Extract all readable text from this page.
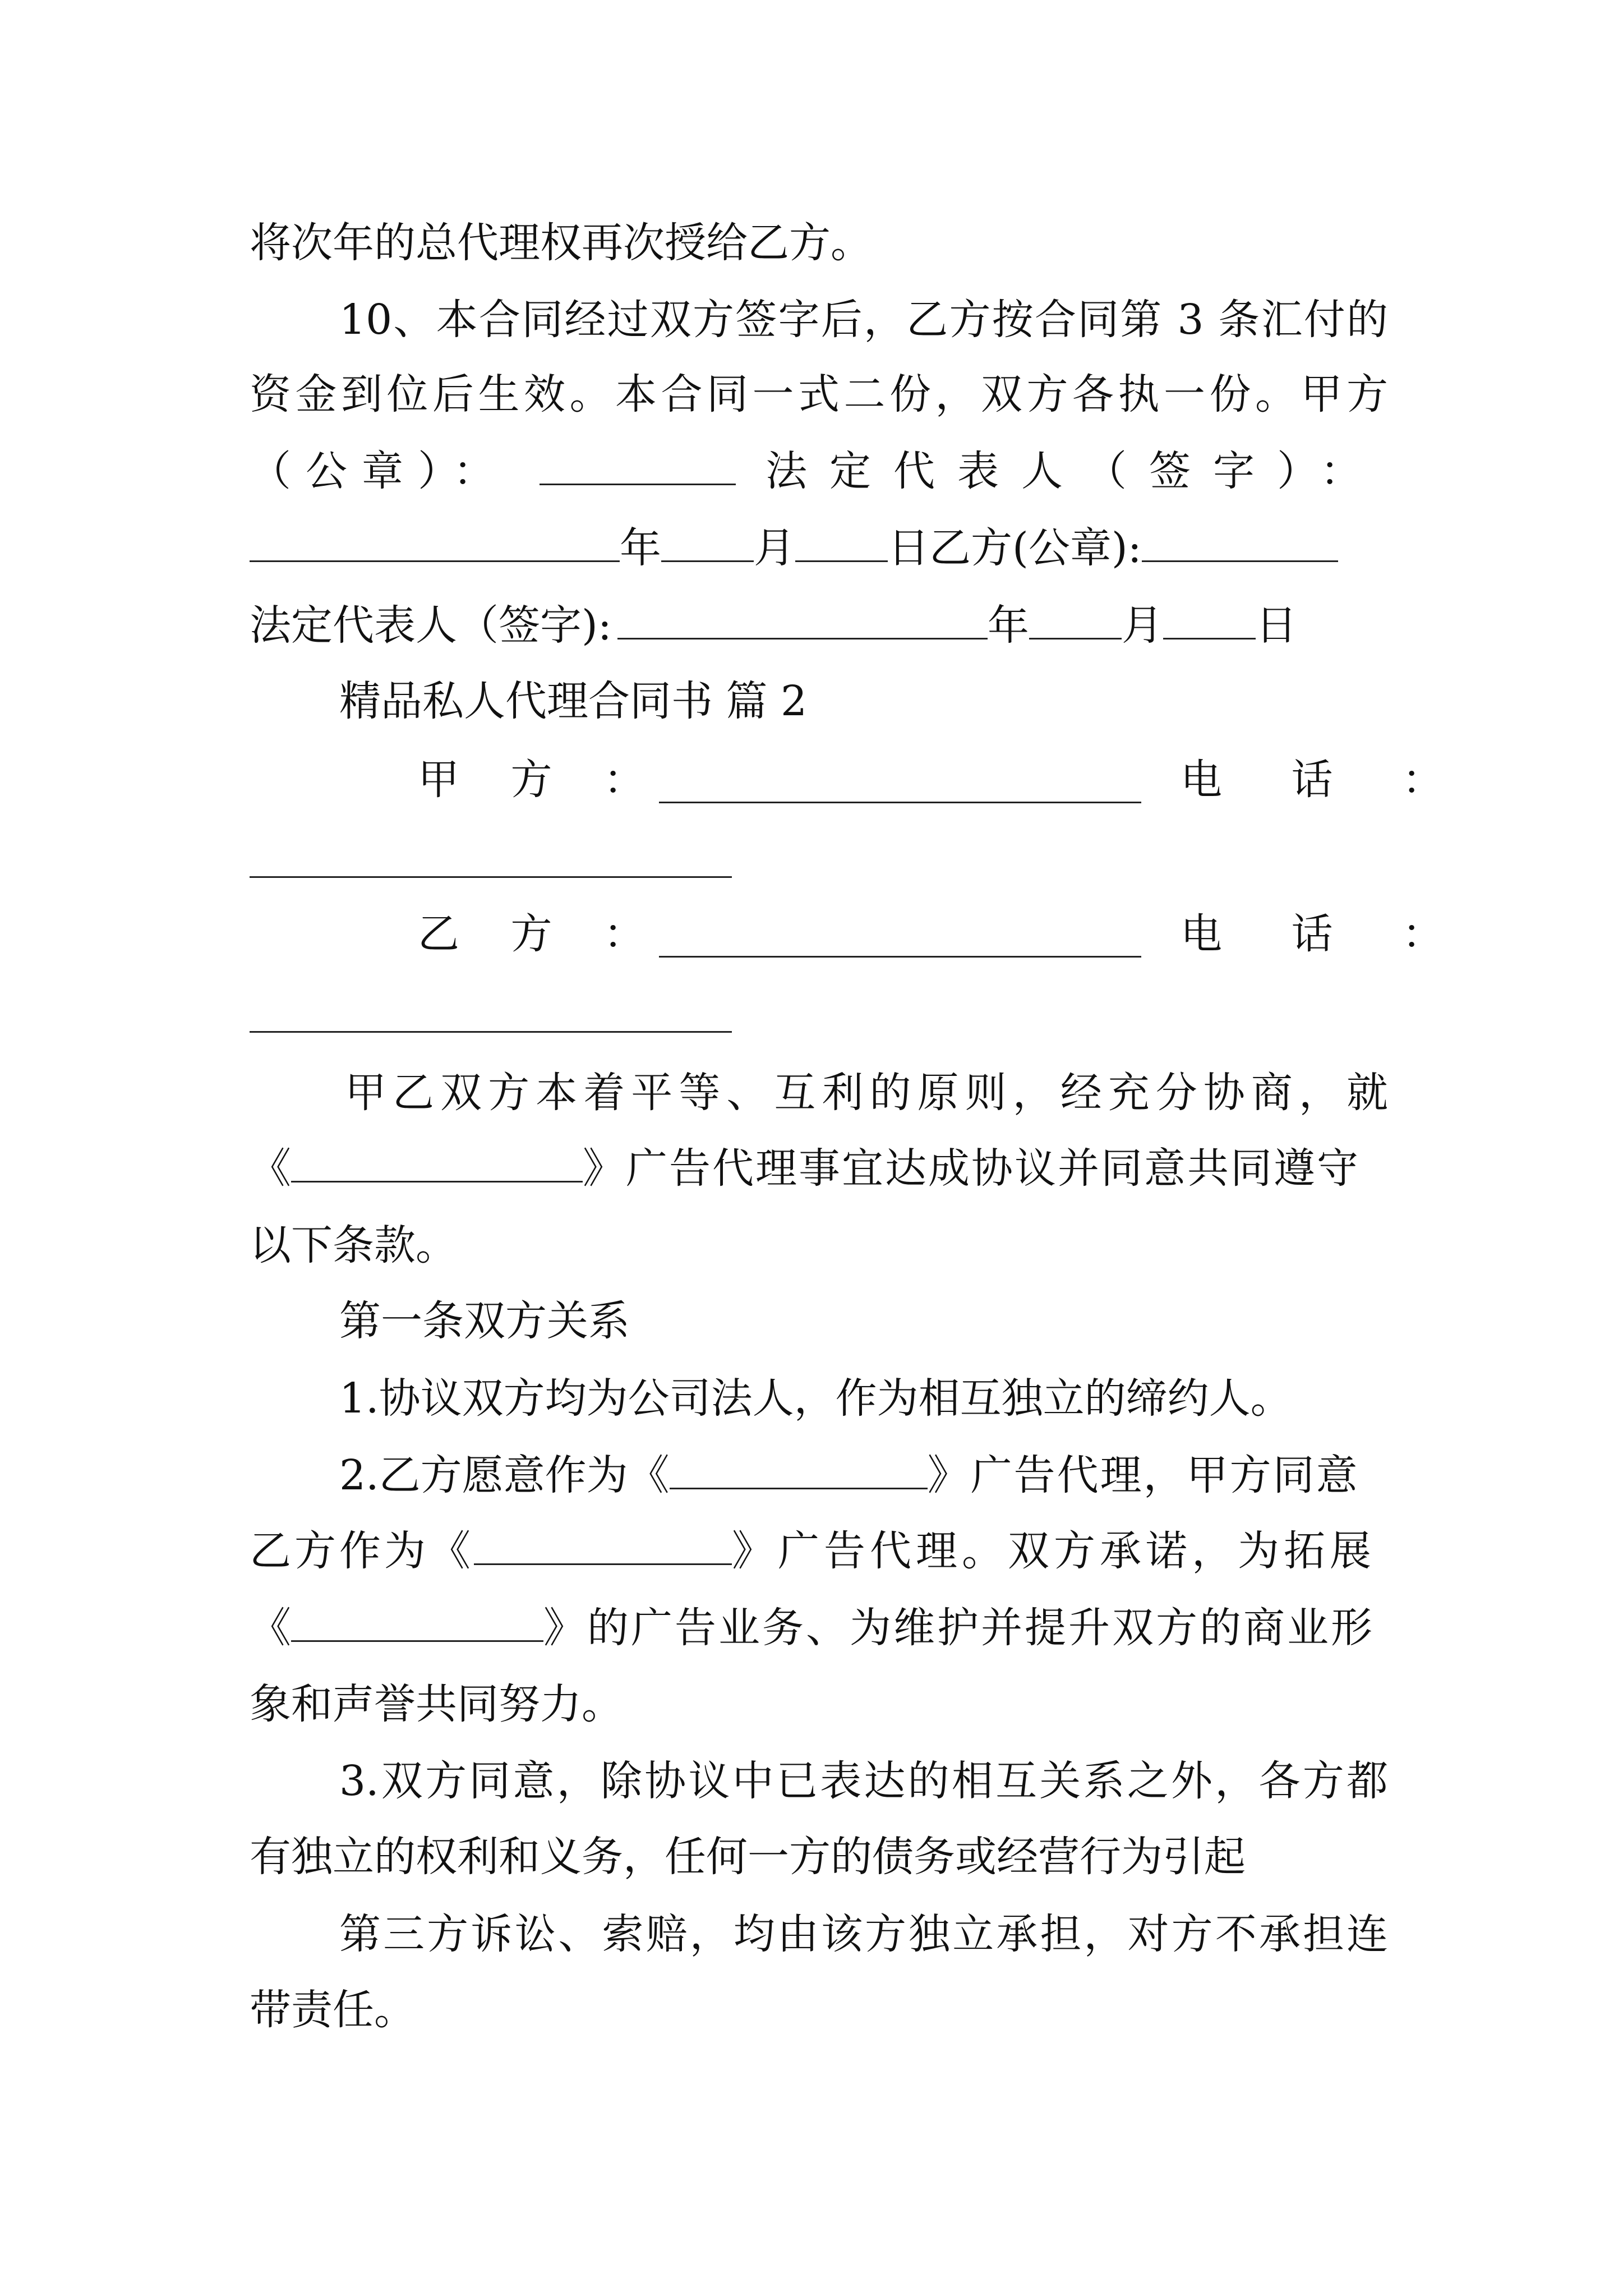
将次年的总代理权再次授给乙方。
10、本合同经过双方签字后，乙方按合同第 3 条汇付的
资金到位后生效。本合同一式二份，双方各执一份。甲方
（公章）：	法定代表人（签字）：
年 月 日乙方(公章):
法定代表人（签字):	年 月 日
精品私人代理合同书 篇 2
甲 方 ：	电 话 ：
乙 方 ：	电 话 ：
甲乙双方本着平等、互利的原则，经充分协商，就
《	》广告代理事宜达成协议并同意共同遵守
以下条款。
第一条双方关系
1.协议双方均为公司法人，作为相互独立的缔约人。
2.乙方愿意作为《	》广告代理，甲方同意
乙方作为《	》广告代理。双方承诺，为拓展
《	》的广告业务、为维护并提升双方的商业形
象和声誉共同努力。
3.双方同意，除协议中已表达的相互关系之外，各方都
有独立的权利和义务，任何一方的债务或经营行为引起
第三方诉讼、索赔，均由该方独立承担，对方不承担连
带责任。
